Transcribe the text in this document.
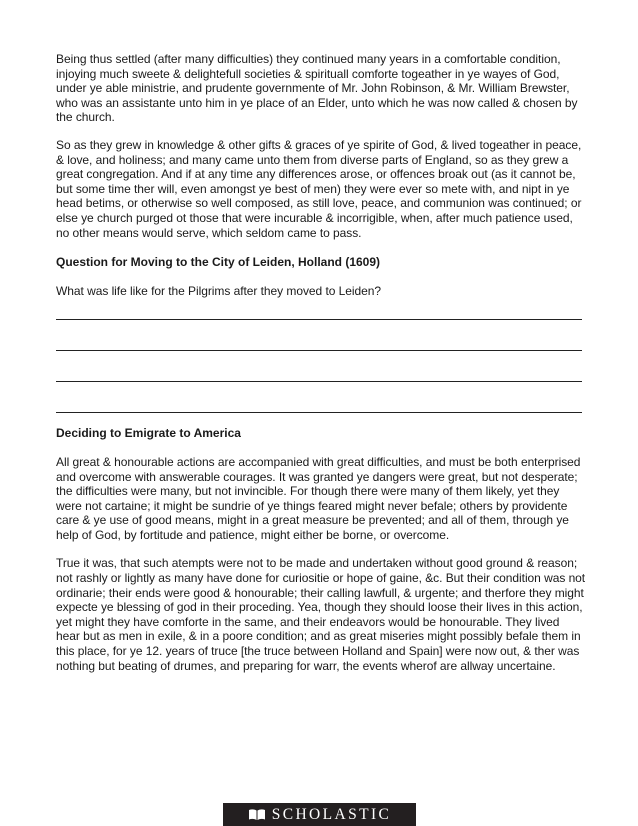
Being thus settled (after many difficulties) they continued many years in a comfortable condition, injoying much sweete & delightefull societies & spirituall comforte togeather in ye wayes of God, under ye able ministrie, and prudente governmente of Mr. John Robinson, & Mr. William Brewster, who was an assistante unto him in ye place of an Elder, unto which he was now called & chosen by the church.

So as they grew in knowledge & other gifts & graces of ye spirite of God, & lived togeather in peace, & love, and holiness; and many came unto them from diverse parts of England, so as they grew a great congregation. And if at any time any differences arose, or offences broak out (as it cannot be, but some time ther will, even amongst ye best of men) they were ever so mete with, and nipt in ye head betims, or otherwise so well composed, as still love, peace, and communion was continued; or else ye church purged ot those that were incurable & incorrigible, when, after much patience used, no other means would serve, which seldom came to pass.

Question for Moving to the City of Leiden, Holland (1609)

What was life like for the Pilgrims after they moved to Leiden?

Deciding to Emigrate to America

All great & honourable actions are accompanied with great difficulties, and must be both enterprised and overcome with answerable courages. It was granted ye dangers were great, but not desperate; the difficulties were many, but not invincible. For though there were many of them likely, yet they were not cartaine; it might be sundrie of ye things feared might never befale; others by providente care & ye use of good means, might in a great measure be prevented; and all of them, through ye help of God, by fortitude and patience, might either be borne, or overcome.

True it was, that such atempts were not to be made and undertaken without good ground & reason; not rashly or lightly as many have done for curiositie or hope of gaine, &c. But their condition was not ordinarie; their ends were good & honourable; their calling lawfull, & urgente; and therfore they might expecte ye blessing of god in their proceding. Yea, though they should loose their lives in this action, yet might they have comforte in the same, and their endeavors would be honourable. They lived hear but as men in exile, & in a poore condition; and as great miseries might possibly befale them in this place, for ye 12. years of truce [the truce between Holland and Spain] were now out, & ther was nothing but beating of drumes, and preparing for warr, the events wherof are allway uncertaine.

SCHOLASTIC
